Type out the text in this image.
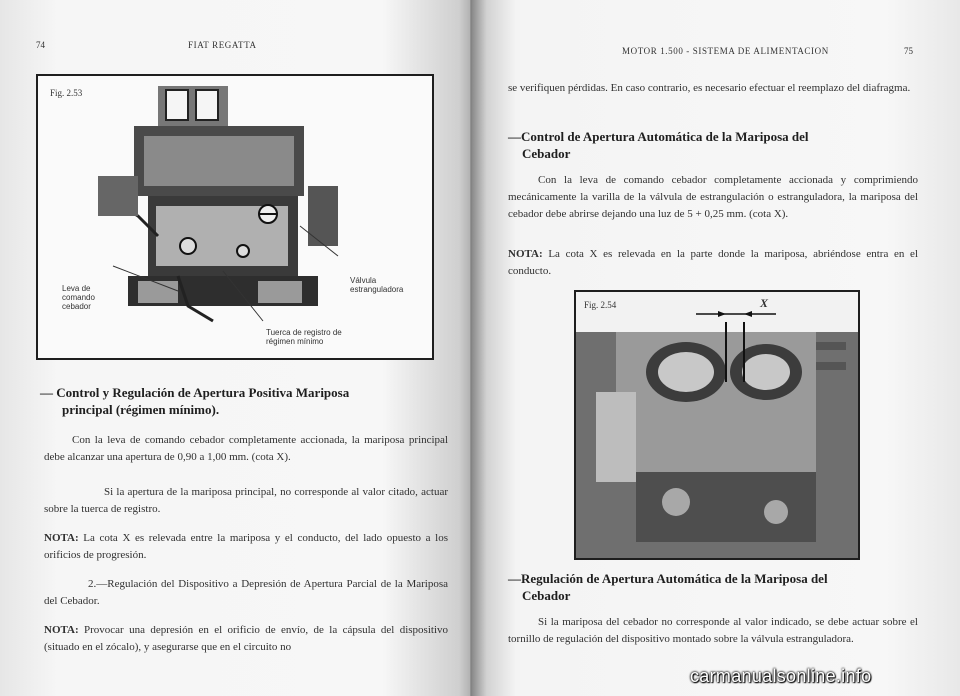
74	FIAT REGATTA
Fig. 2.53
Leva de
comando
cebador
Válvula
estranguladora
Tuerca de registro de
régimen mínimo
— Control y Regulación de Apertura Positiva Mariposa
principal (régimen mínimo).
Con la leva de comando cebador completamente accionada, la mariposa principal debe alcanzar una apertura de 0,90 a 1,00 mm. (cota X).
Si la apertura de la mariposa principal, no corresponde al valor citado, actuar sobre la tuerca de registro.
NOTA: La cota X es relevada entre la mariposa y el conducto, del lado opuesto a los orificios de progresión.
2.—Regulación del Dispositivo a Depresión de Apertura Parcial de la Mariposa del Cebador.
NOTA: Provocar una depresión en el orificio de envío, de la cápsula del dispositivo (situado en el zócalo), y asegurarse que en el circuito no
MOTOR 1.500 - SISTEMA DE ALIMENTACION	75
se verifiquen pérdidas. En caso contrario, es necesario efectuar el reemplazo del diafragma.
—Control de Apertura Automática de la Mariposa del
Cebador
Con la leva de comando cebador completamente accionada y comprimiendo mecánicamente la varilla de la válvula de estrangulación o estranguladora, la mariposa del cebador debe abrirse dejando una luz de 5 + 0,25 mm. (cota X).
NOTA: La cota X es relevada en la parte donde la mariposa, abriéndose entra en el conducto.
Fig. 2.54	X
—Regulación de Apertura Automática de la Mariposa del
Cebador
Si la mariposa del cebador no corresponde al valor indicado, se debe actuar sobre el tornillo de regulación del dispositivo montado sobre la válvula estranguladora.
carmanualsonline.info
